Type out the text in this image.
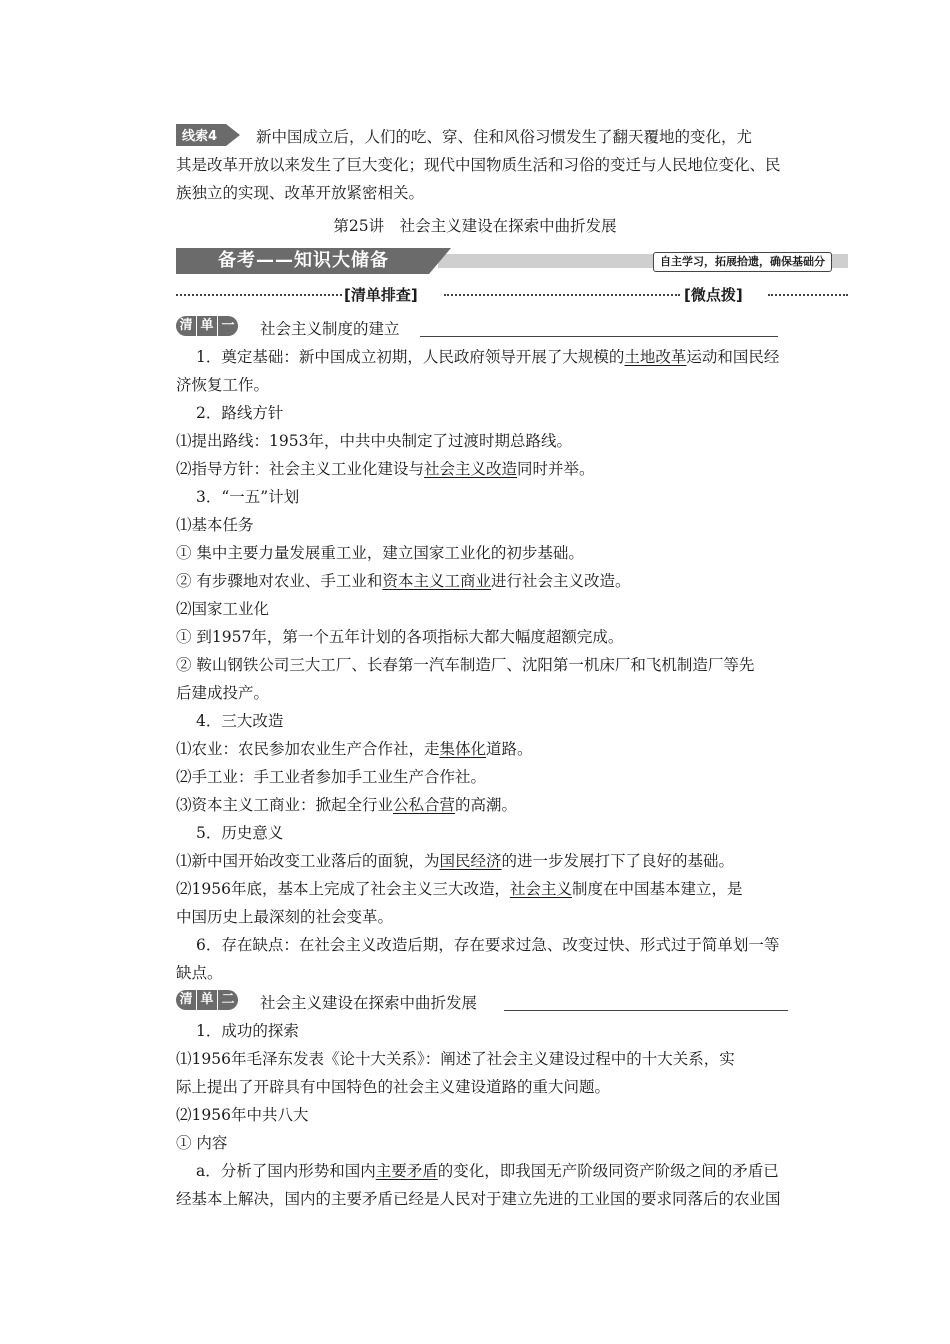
线索4	新中国成立后，人们的吃、穿、住和风俗习惯发生了翻天覆地的变化，尤
其是改革开放以来发生了巨大变化；现代中国物质生活和习俗的变迁与人民地位变化、民
族独立的实现、改革开放紧密相关。
第25讲　社会主义建设在探索中曲折发展
备考——知识大储备	自主学习，拓展拾遗，确保基础分
[清单排查]	[微点拨]
清 单 一 社会主义制度的建立
1．奠定基础：新中国成立初期，人民政府领导开展了大规模的土地改革运动和国民经
济恢复工作。
2．路线方针
⑴提出路线：1953年，中共中央制定了过渡时期总路线。
⑵指导方针：社会主义工业化建设与社会主义改造同时并举。
3．“一五”计划
⑴基本任务
① 集中主要力量发展重工业，建立国家工业化的初步基础。
② 有步骤地对农业、手工业和资本主义工商业进行社会主义改造。
⑵国家工业化
① 到1957年，第一个五年计划的各项指标大都大幅度超额完成。
② 鞍山钢铁公司三大工厂、长春第一汽车制造厂、沈阳第一机床厂和飞机制造厂等先
后建成投产。
4．三大改造
⑴农业：农民参加农业生产合作社，走集体化道路。
⑵手工业：手工业者参加手工业生产合作社。
⑶资本主义工商业：掀起全行业公私合营的高潮。
5．历史意义
⑴新中国开始改变工业落后的面貌，为国民经济的进一步发展打下了良好的基础。
⑵1956年底，基本上完成了社会主义三大改造，社会主义制度在中国基本建立，是
中国历史上最深刻的社会变革。
6．存在缺点：在社会主义改造后期，存在要求过急、改变过快、形式过于简单划一等
缺点。
清 单 二 社会主义建设在探索中曲折发展
1．成功的探索
⑴1956年毛泽东发表《论十大关系》：阐述了社会主义建设过程中的十大关系，实
际上提出了开辟具有中国特色的社会主义建设道路的重大问题。
⑵1956年中共八大
① 内容
a．分析了国内形势和国内主要矛盾的变化，即我国无产阶级同资产阶级之间的矛盾已
经基本上解决，国内的主要矛盾已经是人民对于建立先进的工业国的要求同落后的农业国
